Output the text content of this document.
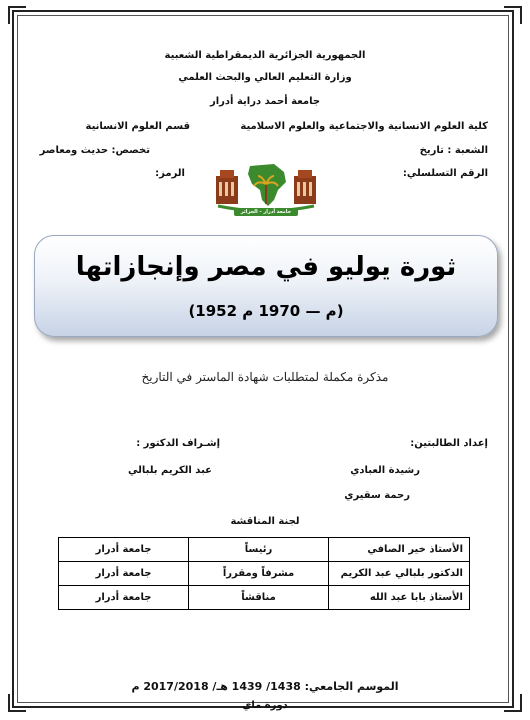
الجمهورية الجزائرية الديمقراطية الشعبية
وزارة التعليم العالي والبحث العلمي
جامعة أحمد دراية أدرار
كلية العلوم الانسانية والاجتماعية والعلوم الاسلامية
قسم العلوم الانسانية
الشعبة : تاريخ
تخصص: حديث ومعاصر
الرقم التسلسلي:
الرمز:
جامعة أدرار - الجزائر
ثورة يوليو في مصر وإنجازاتها
(1952 م — 1970 م)
مذكرة مكملة لمتطلبات شهادة الماستر في التاريخ
إعداد الطالبتين:
إشـراف الدكتور :
رشيدة العبادي
عبد الكريم بلبالي
رحمة سقيري
لجنة المناقشة
الأستاذ خير الصافي	رئيساً	جامعة أدرار
الدكتور بلبالي عبد الكريم	مشرفاً ومقرراً	جامعة أدرار
الأستاذ بابا عبد الله	مناقشاً	جامعة أدرار
الموسم الجامعي: 1438/ 1439 هـ/ 2017/2018 م
دورة ماي
